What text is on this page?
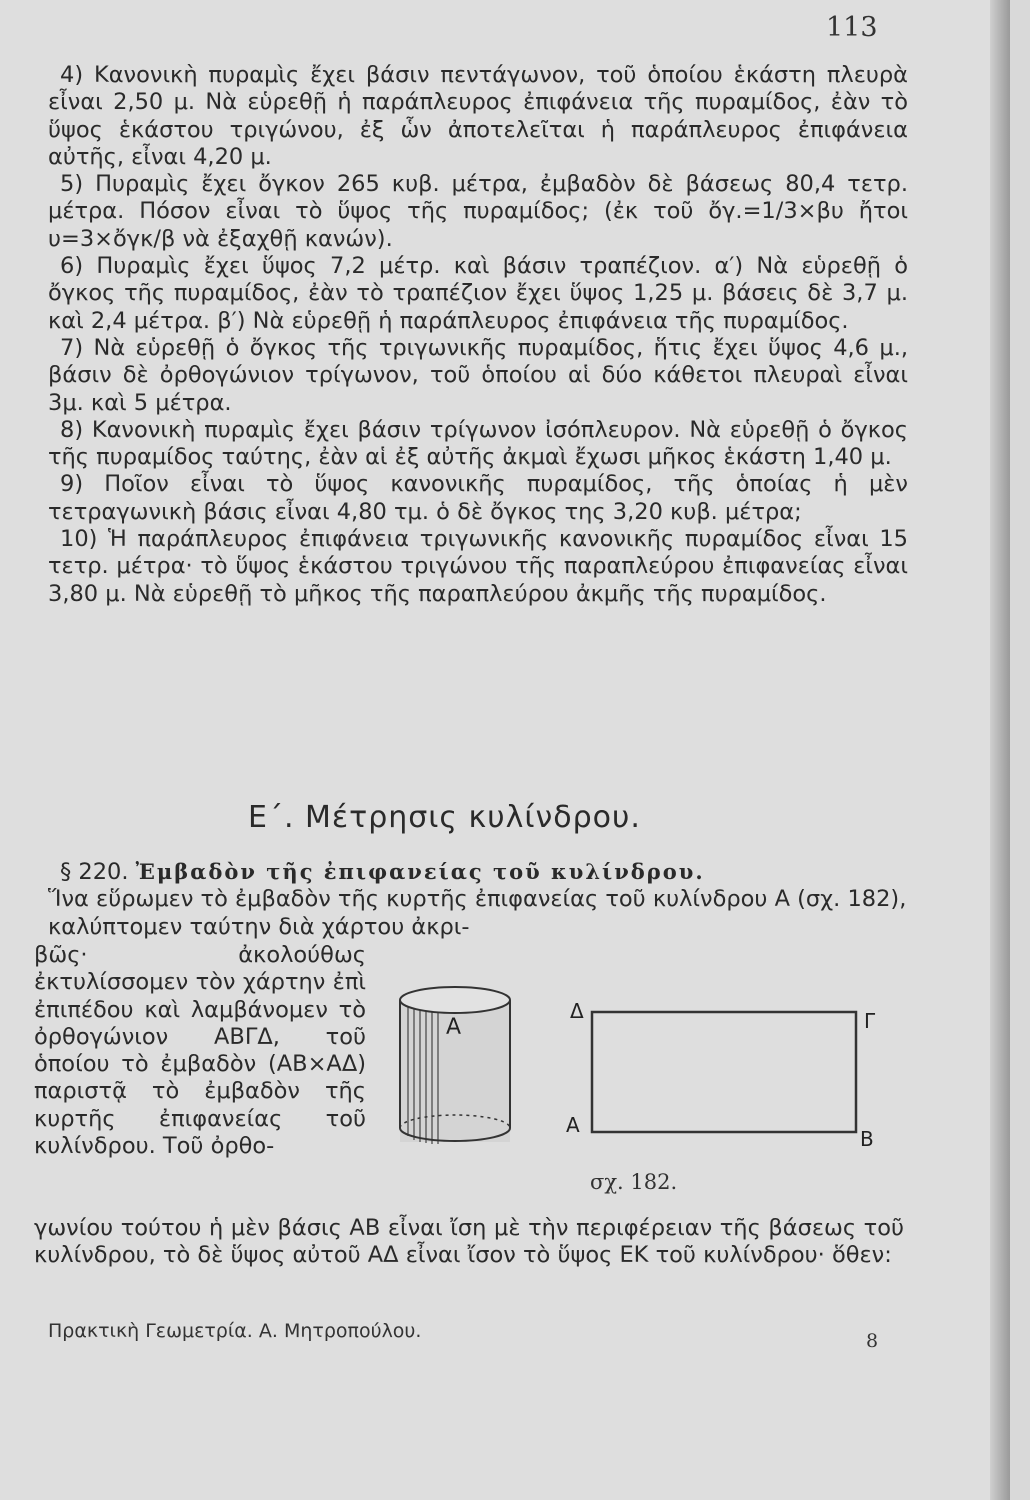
113

4) Κανονικὴ πυραμὶς ἔχει βάσιν πεντάγωνον, τοῦ ὁποίου ἑκάστη πλευρὰ εἶναι 2,50 μ. Νὰ εὑρεθῇ ἡ παράπλευρος ἐπιφάνεια τῆς πυραμίδος, ἐὰν τὸ ὕψος ἑκάστου τριγώνου, ἐξ ὧν ἀποτελεῖται ἡ παράπλευρος ἐπιφάνεια αὐτῆς, εἶναι 4,20 μ.

5) Πυραμὶς ἔχει ὄγκον 265 κυβ. μέτρα, ἐμβαδὸν δὲ βάσεως 80,4 τετρ. μέτρα. Πόσον εἶναι τὸ ὕψος τῆς πυραμίδος; (ἐκ τοῦ ὄγ.=1/3×βυ ἤτοι υ=3×ὄγκ/β νὰ ἐξαχθῇ κανών).

6) Πυραμὶς ἔχει ὕψος 7,2 μέτρ. καὶ βάσιν τραπέζιον. α′) Νὰ εὑρεθῇ ὁ ὄγκος τῆς πυραμίδος, ἐὰν τὸ τραπέζιον ἔχει ὕψος 1,25 μ. βάσεις δὲ 3,7 μ. καὶ 2,4 μέτρα. β′) Νὰ εὑρεθῇ ἡ παράπλευρος ἐπιφάνεια τῆς πυραμίδος.

7) Νὰ εὑρεθῇ ὁ ὄγκος τῆς τριγωνικῆς πυραμίδος, ἥτις ἔχει ὕψος 4,6 μ., βάσιν δὲ ὀρθογώνιον τρίγωνον, τοῦ ὁποίου αἱ δύο κάθετοι πλευραὶ εἶναι 3μ. καὶ 5 μέτρα.

8) Κανονικὴ πυραμὶς ἔχει βάσιν τρίγωνον ἰσόπλευρον. Νὰ εὑρεθῇ ὁ ὄγκος τῆς πυραμίδος ταύτης, ἐὰν αἱ ἐξ αὐτῆς ἀκμαὶ ἔχωσι μῆκος ἑκάστη 1,40 μ.

9) Ποῖον εἶναι τὸ ὕψος κανονικῆς πυραμίδος, τῆς ὁποίας ἡ μὲν τετραγωνικὴ βάσις εἶναι 4,80 τμ. ὁ δὲ ὄγκος της 3,20 κυβ. μέτρα;

10) Ἡ παράπλευρος ἐπιφάνεια τριγωνικῆς κανονικῆς πυραμίδος εἶναι 15 τετρ. μέτρα· τὸ ὕψος ἑκάστου τριγώνου τῆς παραπλεύρου ἐπιφανείας εἶναι 3,80 μ. Νὰ εὑρεθῇ τὸ μῆκος τῆς παραπλεύρου ἀκμῆς τῆς πυραμίδος.

Ε΄. Μέτρησις κυλίνδρου.
§ 220. Ἐμβαδὸν τῆς ἐπιφανείας τοῦ κυλίνδρου.
Ἵνα εὕρωμεν τὸ ἐμβαδὸν τῆς κυρτῆς ἐπιφανείας τοῦ κυλίνδρου Α (σχ. 182), καλύπτομεν ταύτην διὰ χάρτου ἀκρι-
βῶς· ἀκολούθως ἐκτυλίσσομεν τὸν χάρτην ἐπὶ ἐπιπέδου καὶ λαμβάνομεν τὸ ὀρθογώνιον ΑΒΓΔ, τοῦ ὁποίου τὸ ἐμβαδὸν (ΑΒ×ΑΔ) παριστᾷ τὸ ἐμβαδὸν τῆς κυρτῆς ἐπιφανείας τοῦ κυλίνδρου. Τοῦ ὀρθο-
Α
Δ	Γ
Α
Β
σχ. 182.
γωνίου τούτου ἡ μὲν βάσις ΑΒ εἶναι ἴση μὲ τὴν περιφέρειαν τῆς βάσεως τοῦ κυλίνδρου, τὸ δὲ ὕψος αὐτοῦ ΑΔ εἶναι ἴσον τὸ ὕψος ΕΚ τοῦ κυλίνδρου· ὅθεν:
Πρακτικὴ Γεωμετρία. Α. Μητροπούλου.	8
